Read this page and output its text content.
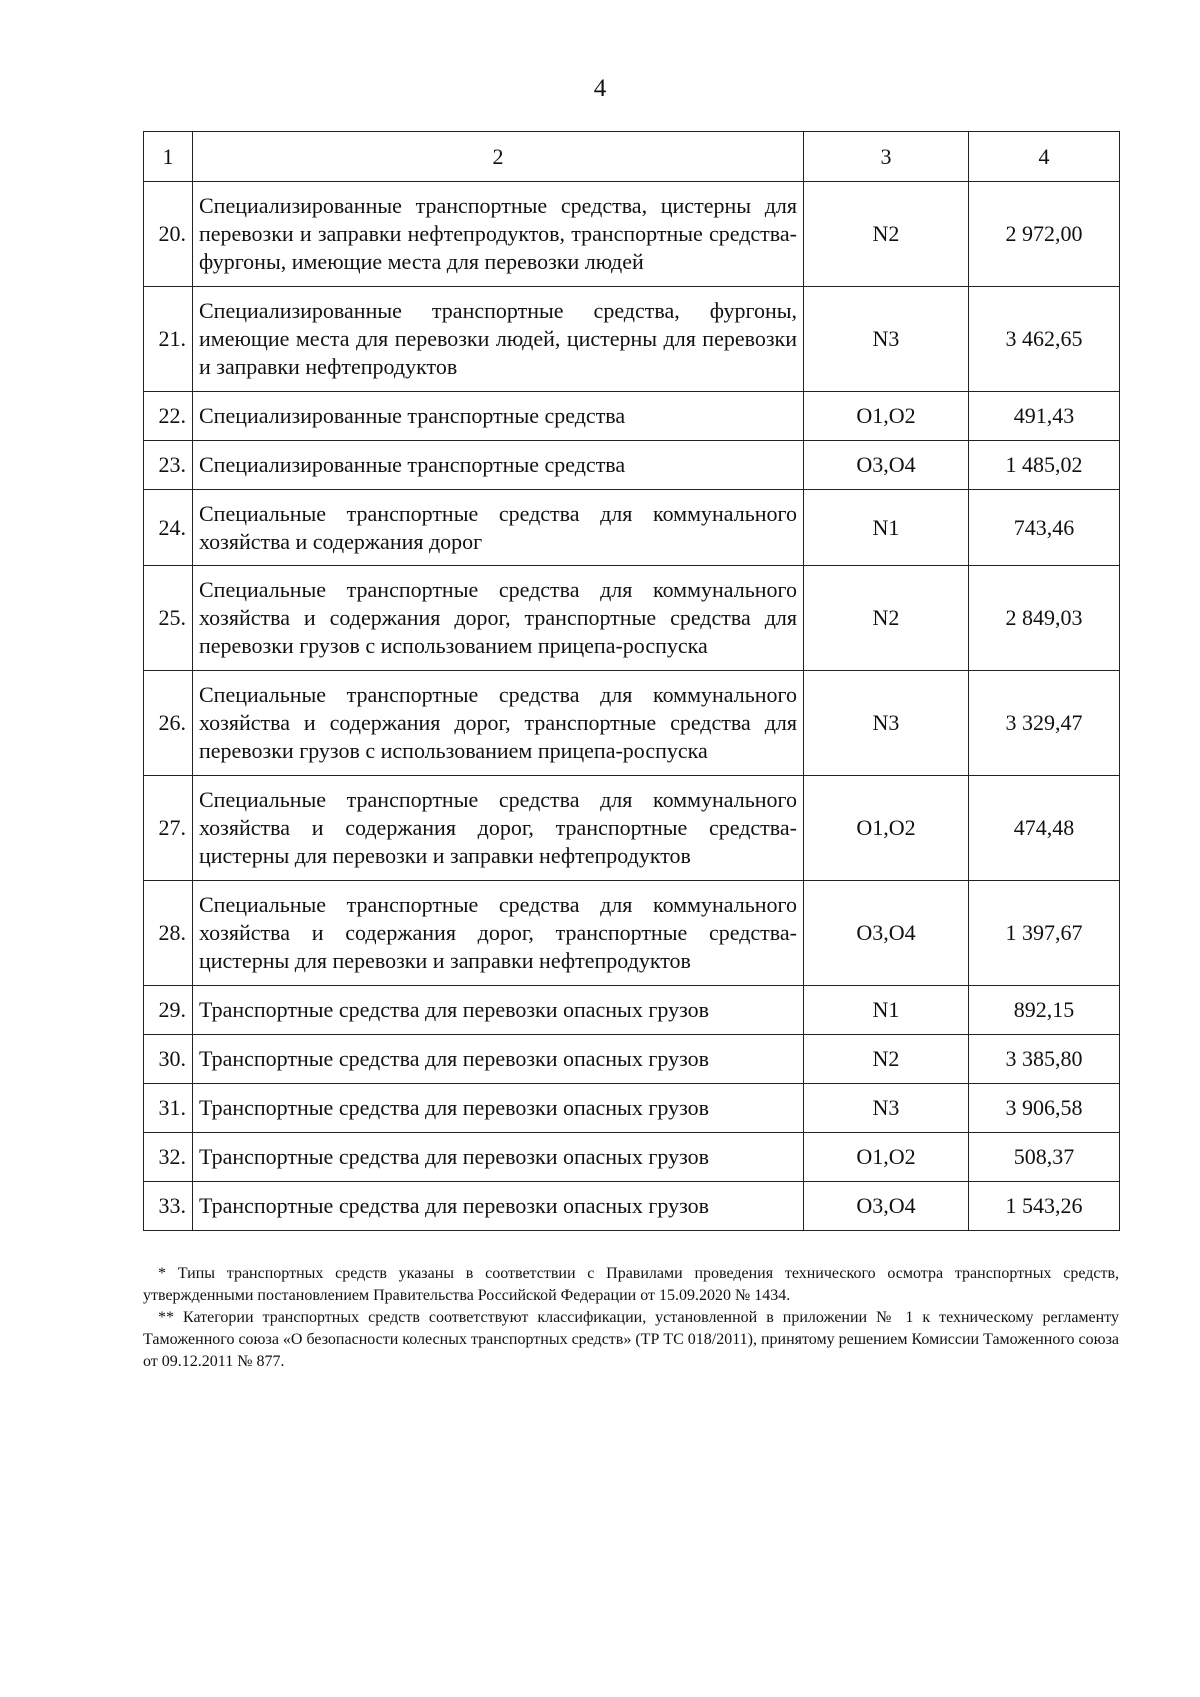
4
1	2	3	4
20.	Специализированные транспортные средства, цистерны для перевозки и заправки нефтепродуктов, транспортные средства-фургоны, имеющие места для перевозки людей	N2	2 972,00
21.	Специализированные транспортные средства, фургоны, имеющие места для перевозки людей, цистерны для перевозки и заправки нефтепродуктов	N3	3 462,65
22.	Специализированные транспортные средства	O1,O2	491,43
23.	Специализированные транспортные средства	O3,O4	1 485,02
24.	Специальные транспортные средства для коммунального хозяйства и содержания дорог	N1	743,46
25.	Специальные транспортные средства для коммунального хозяйства и содержания дорог, транспортные средства для перевозки грузов с использованием прицепа-роспуска	N2	2 849,03
26.	Специальные транспортные средства для коммунального хозяйства и содержания дорог, транспортные средства для перевозки грузов с использованием прицепа-роспуска	N3	3 329,47
27.	Специальные транспортные средства для коммунального хозяйства и содержания дорог, транспортные средства-цистерны для перевозки и заправки нефтепродуктов	O1,O2	474,48
28.	Специальные транспортные средства для коммунального хозяйства и содержания дорог, транспортные средства-цистерны для перевозки и заправки нефтепродуктов	O3,O4	1 397,67
29.	Транспортные средства для перевозки опасных грузов	N1	892,15
30.	Транспортные средства для перевозки опасных грузов	N2	3 385,80
31.	Транспортные средства для перевозки опасных грузов	N3	3 906,58
32.	Транспортные средства для перевозки опасных грузов	O1,O2	508,37
33.	Транспортные средства для перевозки опасных грузов	O3,O4	1 543,26

* Типы транспортных средств указаны в соответствии с Правилами проведения технического осмотра транспортных средств, утвержденными постановлением Правительства Российской Федерации от 15.09.2020 № 1434.

** Категории транспортных средств соответствуют классификации, установленной в приложении № 1 к техническому регламенту Таможенного союза «О безопасности колесных транспортных средств» (ТР ТС 018/2011), принятому решением Комиссии Таможенного союза от 09.12.2011 № 877.
